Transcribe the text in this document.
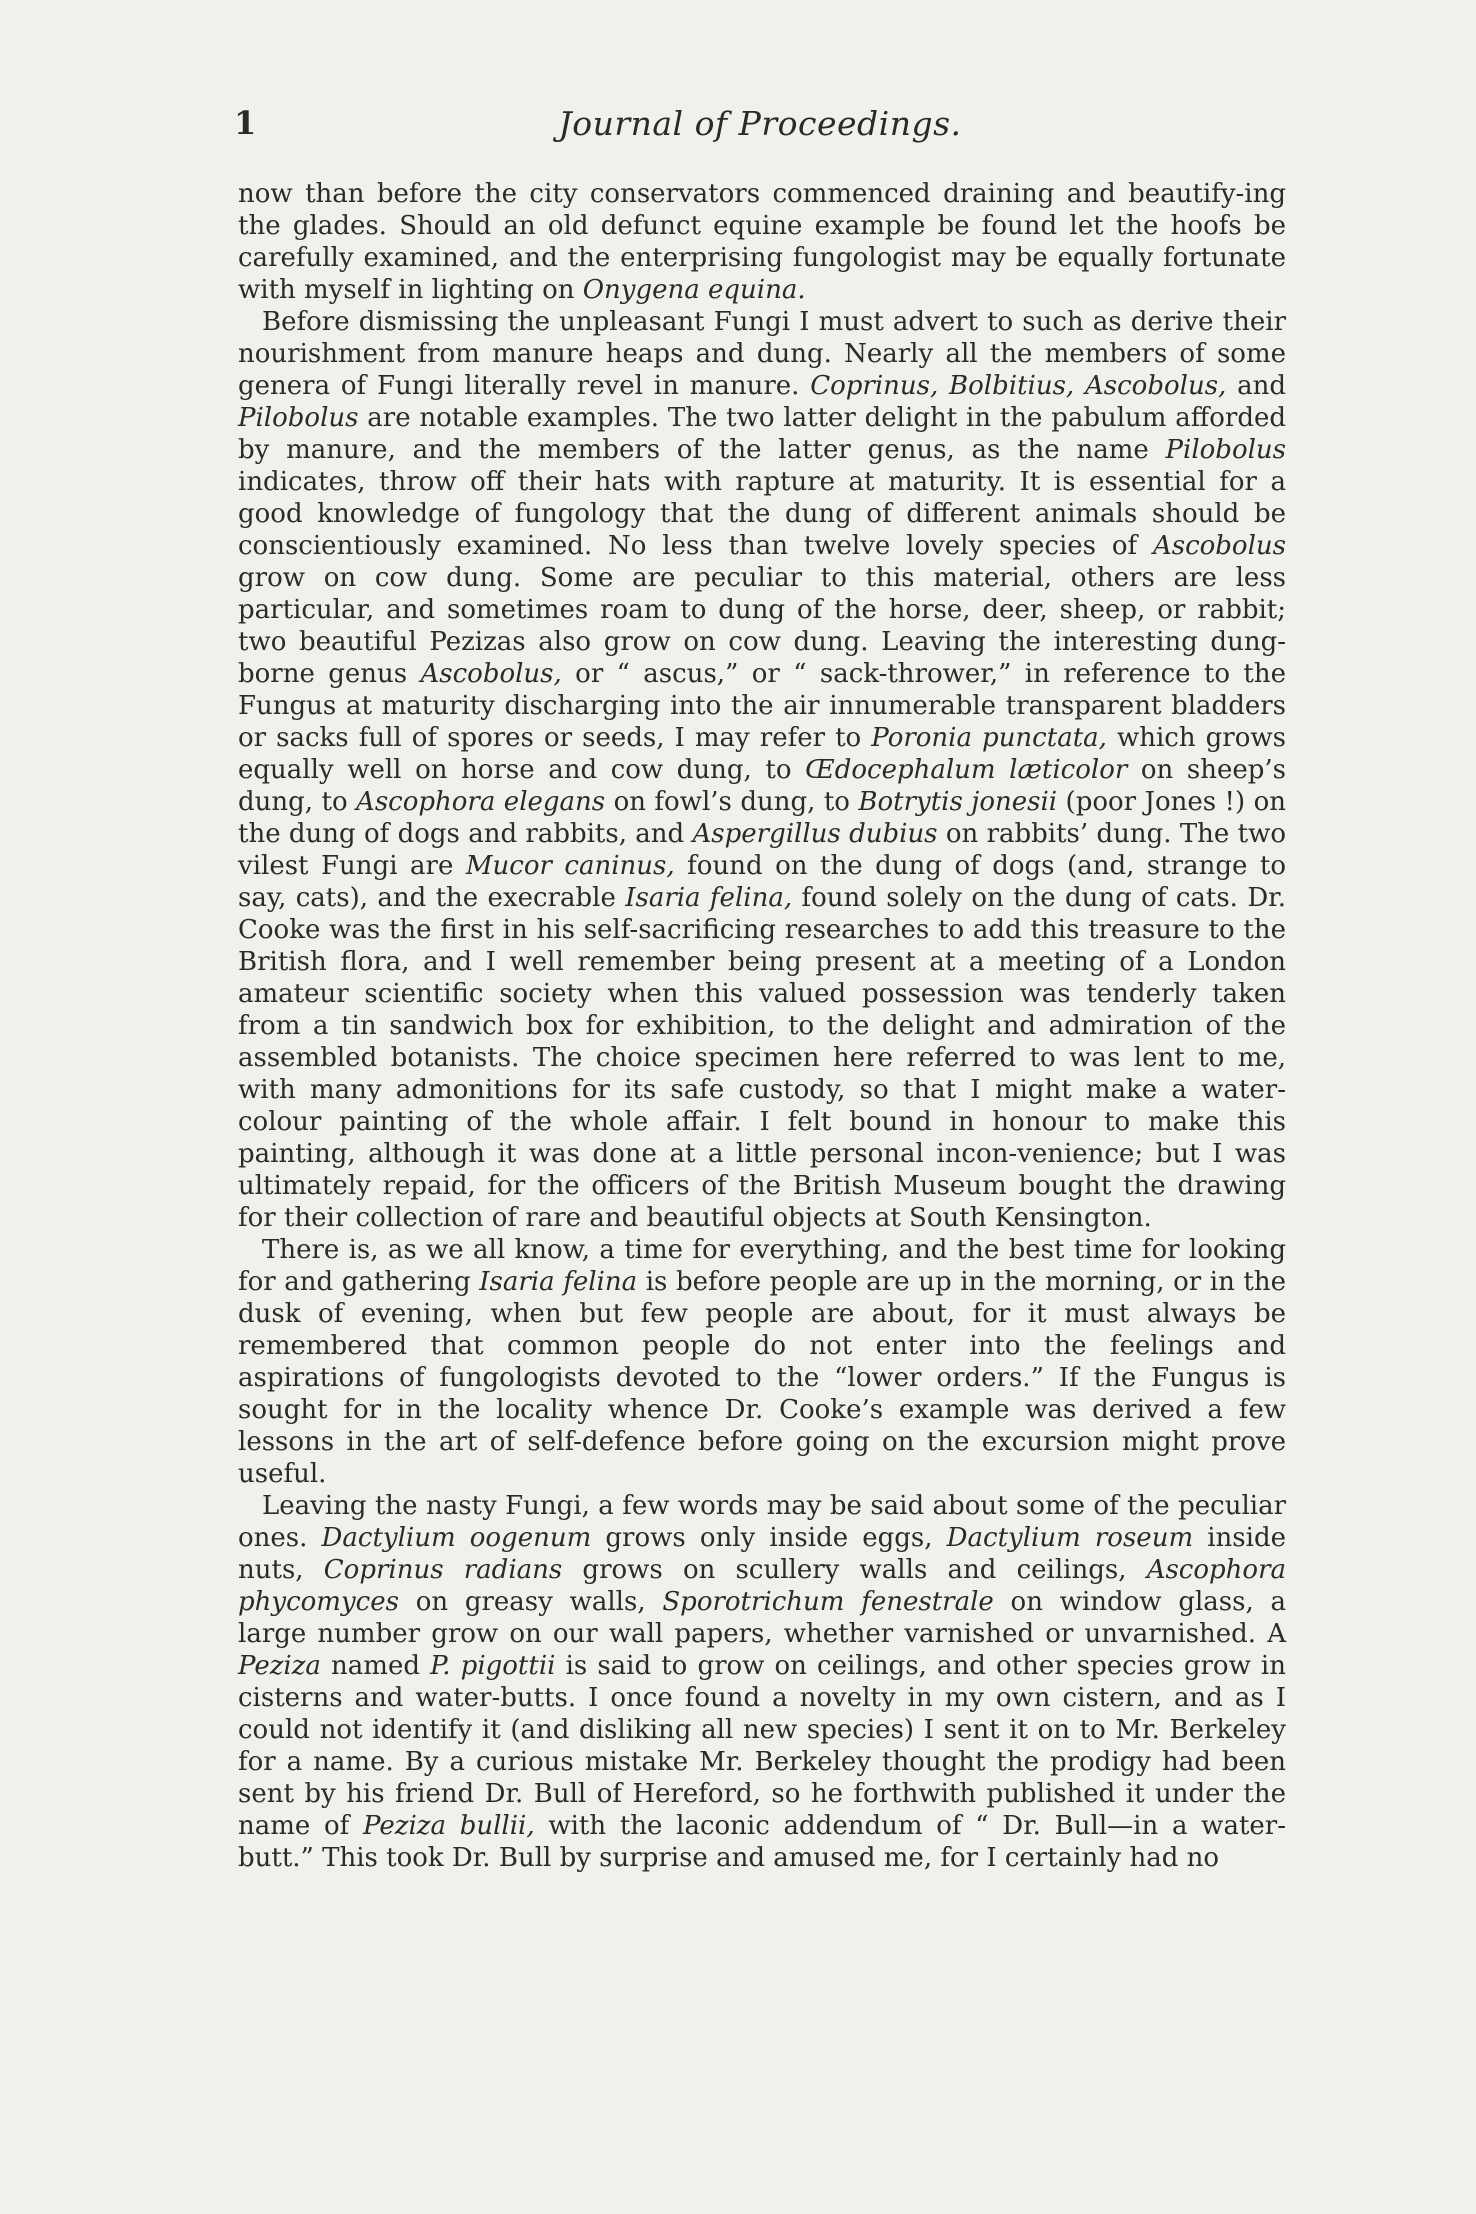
1	Journal of Proceedings.

now than before the city conservators commenced draining and beautify-ing the glades. Should an old defunct equine example be found let the hoofs be carefully examined, and the enterprising fungologist may be equally fortunate with myself in lighting on Onygena equina.

Before dismissing the unpleasant Fungi I must advert to such as derive their nourishment from manure heaps and dung. Nearly all the members of some genera of Fungi literally revel in manure. Coprinus, Bolbitius, Ascobolus, and Pilobolus are notable examples. The two latter delight in the pabulum afforded by manure, and the members of the latter genus, as the name Pilobolus indicates, throw off their hats with rapture at maturity. It is essential for a good knowledge of fungology that the dung of different animals should be conscientiously examined. No less than twelve lovely species of Ascobolus grow on cow dung. Some are peculiar to this material, others are less particular, and sometimes roam to dung of the horse, deer, sheep, or rabbit; two beautiful Pezizas also grow on cow dung. Leaving the interesting dung-borne genus Ascobolus, or “ ascus,” or “ sack-thrower,” in reference to the Fungus at maturity discharging into the air innumerable transparent bladders or sacks full of spores or seeds, I may refer to Poronia punctata, which grows equally well on horse and cow dung, to Œdocephalum læticolor on sheep’s dung, to Ascophora elegans on fowl’s dung, to Botrytis jonesii (poor Jones !) on the dung of dogs and rabbits, and Aspergillus dubius on rabbits’ dung. The two vilest Fungi are Mucor caninus, found on the dung of dogs (and, strange to say, cats), and the execrable Isaria felina, found solely on the dung of cats. Dr. Cooke was the first in his self-sacrificing researches to add this treasure to the British flora, and I well remember being present at a meeting of a London amateur scientific society when this valued possession was tenderly taken from a tin sandwich box for exhibition, to the delight and admiration of the assembled botanists. The choice specimen here referred to was lent to me, with many admonitions for its safe custody, so that I might make a water-colour painting of the whole affair. I felt bound in honour to make this painting, although it was done at a little personal incon-venience; but I was ultimately repaid, for the officers of the British Museum bought the drawing for their collection of rare and beautiful objects at South Kensington.

There is, as we all know, a time for everything, and the best time for looking for and gathering Isaria felina is before people are up in the morning, or in the dusk of evening, when but few people are about, for it must always be remembered that common people do not enter into the feelings and aspirations of fungologists devoted to the “lower orders.” If the Fungus is sought for in the locality whence Dr. Cooke’s example was derived a few lessons in the art of self-defence before going on the excursion might prove useful.

Leaving the nasty Fungi, a few words may be said about some of the peculiar ones. Dactylium oogenum grows only inside eggs, Dactylium roseum inside nuts, Coprinus radians grows on scullery walls and ceilings, Ascophora phycomyces on greasy walls, Sporotrichum fenestrale on window glass, a large number grow on our wall papers, whether varnished or unvarnished. A Peziza named P. pigottii is said to grow on ceilings, and other species grow in cisterns and water-butts. I once found a novelty in my own cistern, and as I could not identify it (and disliking all new species) I sent it on to Mr. Berkeley for a name. By a curious mistake Mr. Berkeley thought the prodigy had been sent by his friend Dr. Bull of Hereford, so he forthwith published it under the name of Peziza bullii, with the laconic addendum of “ Dr. Bull—in a water-butt.” This took Dr. Bull by surprise and amused me, for I certainly had no
